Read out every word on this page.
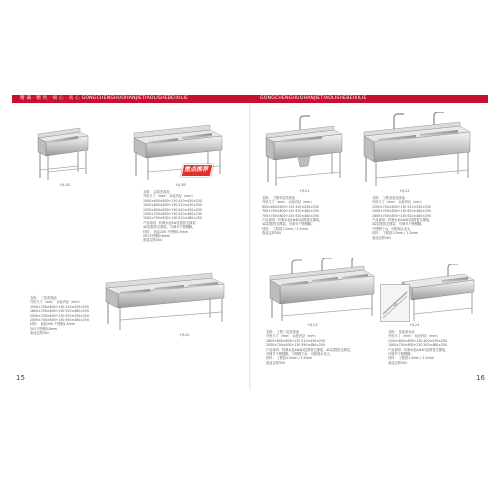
精 确 · 精 致 · 细 心 · 真 心 GONGCHENGHUOHANJIETIAOLISHEBEIXILIE	GONGCHENGHUOHANJIETIAOLISHEBEIXILIE
HJ-1B	HJ-1B
重点推荐
名称： 双星洗涤池
外形尺寸（mm） 水池内径（mm）
1000×600×800+130 410×430×250
1000×600×800+130 510×430×250
1200×600×800+130 610×430×250
1500×700×800+130 510×480×250
1500×700×800+130 610×480×250
产品说明：机制水池4#底板管支撑架
4D层圆管支撑架，可调节不锈钢脚。
材料： 面品200 不锈钢1.5mm
201不锈钢0.8mm
欢迎定制304
HJ-20
名称： 三星洗涤池
外形尺寸（mm） 水池内径（mm）
1500×700×800+130 410×430×250
1800×700×800+130 510×480×250
2000×700×800+130 610×430×250
2000×700×800+130 590×480×250
材料： 面品200 不锈钢1.5mm
201不锈钢0.8mm
欢迎定制304
15
HJ-21
名称： 工程单星洗涤池
外形尺寸（mm） 水池内径（mm）
600×600×800+130 410×430×250
700×700×800+130 510×480×250
700×700×800+130 610×480×250
产品说明：机制水池4#4D层圆管支撑架，
4D层圆管支撑架，可调节不锈钢脚。
材料： 工程款1.2mm / 1.5mm
欢迎定制304
HJ-22
名称： 工程双星洗涤池
外形尺寸（mm） 水池内径（mm）
1200×700×800+130 510×430×250
1500×700×800+130 610×480×250
1800×700×800+130 610×480×250
产品说明：机制水池4#4D层圆管支撑架，
4D层圆管支撑架，可调节不锈钢脚，
不锈钢下水，可配制水龙头。
材料： 工程款1.2mm / 1.5mm
欢迎定制304
HJ-23
名称： 工程三星洗涤池
外形尺寸（mm） 水池内径（mm）
1800×600×800+130 510×430×250
2000×700×800+130 590×480×250
产品说明：机制水池4#4D层圆管支撑架，4D层圆管支撑架，
可调节不锈钢脚，不锈钢下水，可配制水龙头。
材料： 工程款1.2mm / 1.5mm
欢迎定制304
HJ-24
名称： 单星流水池
外形尺寸（mm） 水池内径（mm）
1200×600×800+130 400×430×250
1500×700×800+130 500×480×250
产品说明：机制水池4#4D层圆管支撑架，
可调节不锈钢脚。
材料： 工程款1.2mm / 1.5mm
欢迎定制304
16
